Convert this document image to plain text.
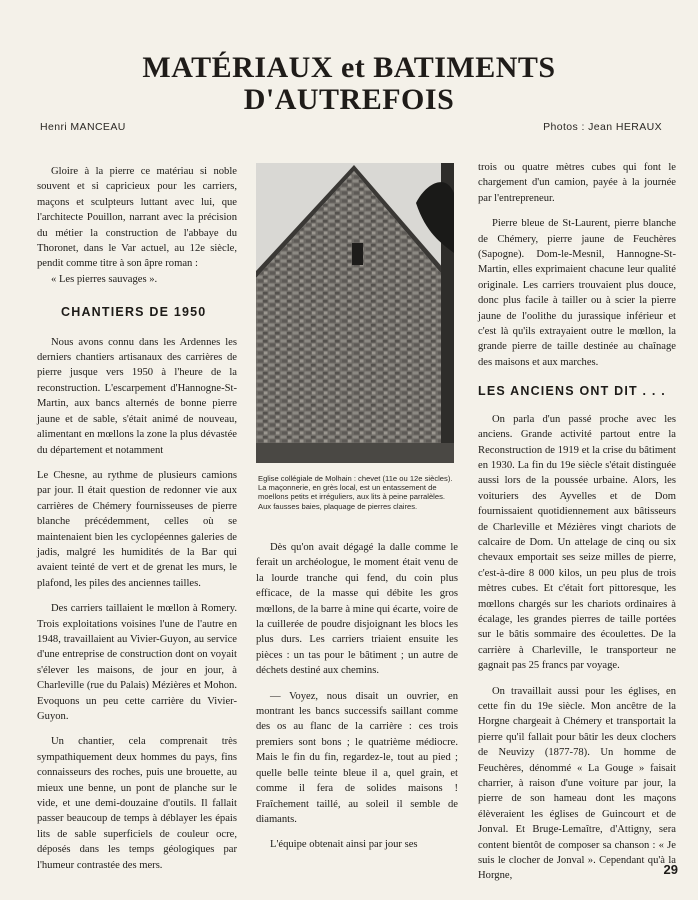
MATÉRIAUX et BATIMENTS
D'AUTREFOIS
Henri MANCEAU	Photos : Jean HERAUX

Gloire à la pierre ce matériau si noble souvent et si capricieux pour les carriers, maçons et sculpteurs luttant avec lui, que l'architecte Pouillon, narrant avec la précision du métier la construction de l'abbaye du Thoronet, dans le Var actuel, au 12e siècle, pendit comme titre à son âpre roman :

« Les pierres sauvages ».

CHANTIERS DE 1950

Nous avons connu dans les Ardennes les derniers chantiers artisanaux des carrières de pierre jusque vers 1950 à l'heure de la reconstruction. L'escarpement d'Hannogne-St-Martin, aux bancs alternés de bonne pierre jaune et de sable, s'était animé de nouveau, alimentant en mœllons la zone la plus dévastée du département et notamment

Le Chesne, au rythme de plusieurs camions par jour. Il était question de redonner vie aux carrières de Chémery fournisseuses de pierre blanche précédemment, celles où se maintenaient bien les cyclopéennes galeries de jadis, malgré les humidités de la Bar qui avaient teinté de vert et de grenat les murs, le plafond, les piles des anciennes tailles.

Des carriers taillaient le mœllon à Romery. Trois exploitations voisines l'une de l'autre en 1948, travaillaient au Vivier-Guyon, au service d'une entreprise de construction dont on voyait s'élever les maisons, de jour en jour, à Charleville (rue du Palais) Mézières et Mohon. Evoquons un peu cette carrière du Vivier-Guyon.

Un chantier, cela comprenait très sympathiquement deux hommes du pays, fins connaisseurs des roches, puis une brouette, au mieux une benne, un pont de planche sur le vide, et une demi-douzaine d'outils. Il fallait passer beaucoup de temps à déblayer les épais lits de sable superficiels de couleur ocre, déposés dans les temps géologiques par l'humeur contrastée des mers.

Eglise collégiale de Molhain : chevet (11e ou 12e siècles).
La maçonnerie, en grès local, est un entassement de moellons petits et irréguliers, aux lits à peine parralèles.
Aux fausses baies, plaquage de pierres claires.

Dès qu'on avait dégagé la dalle comme le ferait un archéologue, le moment était venu de la lourde tranche qui fend, du coin plus efficace, de la masse qui débite les gros mœllons, de la barre à mine qui écarte, voire de la cuillerée de poudre disjoignant les blocs les plus durs. Les carriers triaient ensuite les pièces : un tas pour le bâtiment ; un autre de déchets destiné aux chemins.

— Voyez, nous disait un ouvrier, en montrant les bancs successifs saillant comme des os au flanc de la carrière : ces trois premiers sont bons ; le quatrième médiocre. Mais le fin du fin, regardez-le, tout au pied ; quelle belle teinte bleue il a, quel grain, et comme il fera de solides maisons ! Fraîchement taillé, au soleil il semble de diamants.

L'équipe obtenait ainsi par jour ses

trois ou quatre mètres cubes qui font le chargement d'un camion, payée à la journée par l'entrepreneur.

Pierre bleue de St-Laurent, pierre blanche de Chémery, pierre jaune de Feuchères (Sapogne). Dom-le-Mesnil, Hannogne-St-Martin, elles exprimaient chacune leur qualité originale. Les carriers trouvaient plus douce, donc plus facile à tailler ou à scier la pierre jaune de l'oolithe du jurassique inférieur et c'est là qu'ils extrayaient outre le mœllon, la grande pierre de taille destinée au chaînage des maisons et aux marches.

LES ANCIENS ONT DIT . . .

On parla d'un passé proche avec les anciens. Grande activité partout entre la Reconstruction de 1919 et la crise du bâtiment en 1930. La fin du 19e siècle s'était distinguée aussi lors de la poussée urbaine. Alors, les voituriers des Ayvelles et de Dom fournissaient quotidiennement aux bâtisseurs de Charleville et Mézières vingt chariots de calcaire de Dom. Un attelage de cinq ou six chevaux emportait ses seize milles de pierre, c'est-à-dire 8 000 kilos, un peu plus de trois mètres cubes. Et c'était fort pittoresque, les mœllons chargés sur les chariots ordinaires à écalage, les grandes pierres de taille portées sur le bâtis sommaire des écoulettes. De la carrière à Charleville, le transporteur ne gagnait pas 25 francs par voyage.

On travaillait aussi pour les églises, en cette fin du 19e siècle. Mon ancêtre de la Horgne chargeait à Chémery et transportait la pierre qu'il fallait pour bâtir les deux clochers de Neuvizy (1877-78). Un homme de Feuchères, dénommé « La Gouge » faisait charrier, à raison d'une voiture par jour, la pierre de son hameau dont les maçons élèveraient les églises de Guincourt et de Jonval. Et Bruge-Lemaître, d'Attigny, sera content bientôt de composer sa chanson : « Je suis le clocher de Jonval ». Cependant qu'à la Horgne,	29
